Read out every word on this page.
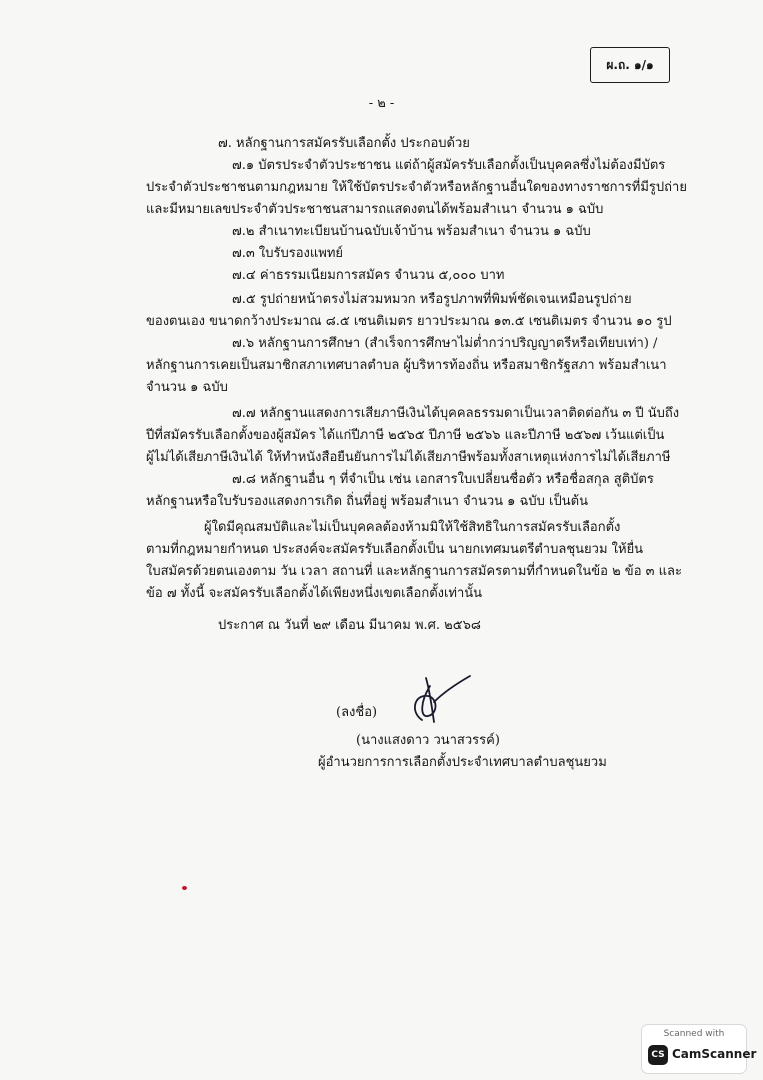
ผ.ถ. ๑/๑
- ๒ -
๗. หลักฐานการสมัครรับเลือกตั้ง ประกอบด้วย
๗.๑ บัตรประจำตัวประชาชน แต่ถ้าผู้สมัครรับเลือกตั้งเป็นบุคคลซึ่งไม่ต้องมีบัตร
ประจำตัวประชาชนตามกฎหมาย ให้ใช้บัตรประจำตัวหรือหลักฐานอื่นใดของทางราชการที่มีรูปถ่าย
และมีหมายเลขประจำตัวประชาชนสามารถแสดงตนได้พร้อมสำเนา จำนวน ๑ ฉบับ
๗.๒ สำเนาทะเบียนบ้านฉบับเจ้าบ้าน พร้อมสำเนา จำนวน ๑ ฉบับ
๗.๓ ใบรับรองแพทย์
๗.๔ ค่าธรรมเนียมการสมัคร จำนวน ๕,๐๐๐ บาท
๗.๕ รูปถ่ายหน้าตรงไม่สวมหมวก หรือรูปภาพที่พิมพ์ชัดเจนเหมือนรูปถ่าย
ของตนเอง ขนาดกว้างประมาณ ๘.๕ เซนติเมตร ยาวประมาณ ๑๓.๕ เซนติเมตร จำนวน ๑๐ รูป
๗.๖ หลักฐานการศึกษา (สำเร็จการศึกษาไม่ต่ำกว่าปริญญาตรีหรือเทียบเท่า) /
หลักฐานการเคยเป็นสมาชิกสภาเทศบาลตำบล ผู้บริหารท้องถิ่น หรือสมาชิกรัฐสภา พร้อมสำเนา
จำนวน ๑ ฉบับ
๗.๗ หลักฐานแสดงการเสียภาษีเงินได้บุคคลธรรมดาเป็นเวลาติดต่อกัน ๓ ปี นับถึง
ปีที่สมัครรับเลือกตั้งของผู้สมัคร ได้แก่ปีภาษี ๒๕๖๕ ปีภาษี ๒๕๖๖ และปีภาษี ๒๕๖๗ เว้นแต่เป็น
ผู้ไม่ได้เสียภาษีเงินได้ ให้ทำหนังสือยืนยันการไม่ได้เสียภาษีพร้อมทั้งสาเหตุแห่งการไม่ได้เสียภาษี
๗.๘ หลักฐานอื่น ๆ ที่จำเป็น เช่น เอกสารใบเปลี่ยนชื่อตัว หรือชื่อสกุล สูติบัตร
หลักฐานหรือใบรับรองแสดงการเกิด ถิ่นที่อยู่ พร้อมสำเนา จำนวน ๑ ฉบับ เป็นต้น
ผู้ใดมีคุณสมบัติและไม่เป็นบุคคลต้องห้ามมิให้ใช้สิทธิในการสมัครรับเลือกตั้ง
ตามที่กฎหมายกำหนด ประสงค์จะสมัครรับเลือกตั้งเป็น นายกเทศมนตรีตำบลชุนยวม ให้ยื่น
ใบสมัครด้วยตนเองตาม วัน เวลา สถานที่ และหลักฐานการสมัครตามที่กำหนดในข้อ ๒ ข้อ ๓ และ
ข้อ ๗ ทั้งนี้ จะสมัครรับเลือกตั้งได้เพียงหนึ่งเขตเลือกตั้งเท่านั้น
ประกาศ ณ วันที่ ๒๙ เดือน มีนาคม พ.ศ. ๒๕๖๘
(ลงชื่อ)
(นางแสงดาว วนาสวรรค์)
ผู้อำนวยการการเลือกตั้งประจำเทศบาลตำบลชุนยวม
Scanned with
CS CamScanner
